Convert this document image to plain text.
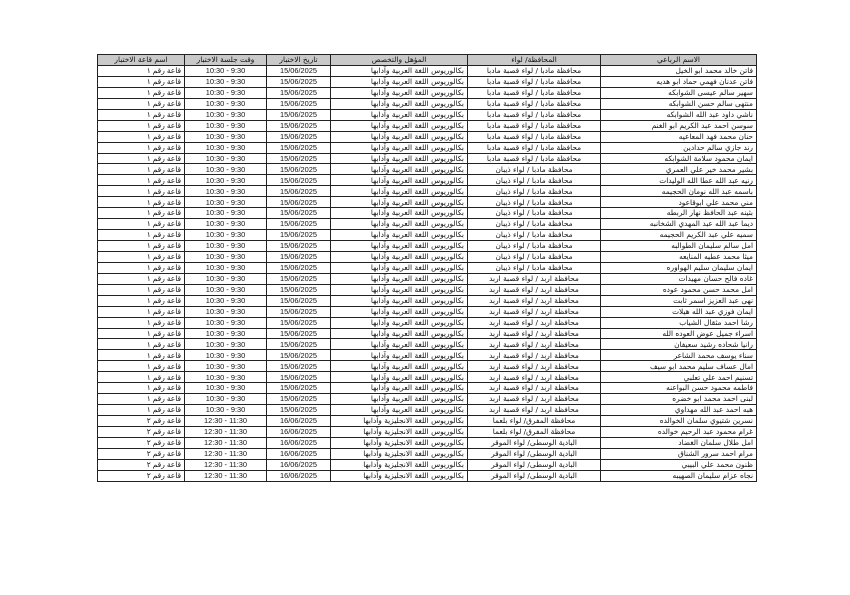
الاسم الرباعي	المحافظة/ لواء	المؤهل والتخصص	تاريخ الاختبار	وقت جلسة الاختبار	اسم قاعة الاختبار
فاتن خالد محمد ابو الخيل	محافظة مادبا / لواء قصبة مادبا	بكالوريوس اللغة العربية وآدابها	15/06/2025	9:30 - 10:30	قاعة رقم ١
فاتن عدنان فهمي حماد ابو هديه	محافظة مادبا / لواء قصبة مادبا	بكالوريوس اللغة العربية وآدابها	15/06/2025	9:30 - 10:30	قاعة رقم ١
سهير سالم عيسى الشوابكه	محافظة مادبا / لواء قصبة مادبا	بكالوريوس اللغة العربية وآدابها	15/06/2025	9:30 - 10:30	قاعة رقم ١
منتهى سالم حسن الشوابكه	محافظة مادبا / لواء قصبة مادبا	بكالوريوس اللغة العربية وآدابها	15/06/2025	9:30 - 10:30	قاعة رقم ١
ناشي داود عبد الله الشوابكه	محافظة مادبا / لواء قصبة مادبا	بكالوريوس اللغة العربية وآدابها	15/06/2025	9:30 - 10:30	قاعة رقم ١
سوسن احمد عبد الكريم ابو الغنم	محافظة مادبا / لواء قصبة مادبا	بكالوريوس اللغة العربية وآدابها	15/06/2025	9:30 - 10:30	قاعة رقم ١
حنان محمد فهد المعاعيه	محافظة مادبا / لواء قصبة مادبا	بكالوريوس اللغة العربية وآدابها	15/06/2025	9:30 - 10:30	قاعة رقم ١
رند جازي سالم حدادين	محافظة مادبا / لواء قصبة مادبا	بكالوريوس اللغة العربية وآدابها	15/06/2025	9:30 - 10:30	قاعة رقم ١
ايمان محمود سلامة الشوابكه	محافظة مادبا / لواء قصبة مادبا	بكالوريوس اللغة العربية وآدابها	15/06/2025	9:30 - 10:30	قاعة رقم ١
بشير محمد خير علي العمري	محافظة مادبا / لواء ذيبان	بكالوريوس اللغة العربية وآدابها	15/06/2025	9:30 - 10:30	قاعة رقم ١
رنيه عبد الله عطا الله الوليدات	محافظة مادبا / لواء ذيبان	بكالوريوس اللغة العربية وآدابها	15/06/2025	9:30 - 10:30	قاعة رقم ١
باسمه عبد الله نومان الحجيمه	محافظة مادبا / لواء ذيبان	بكالوريوس اللغة العربية وآدابها	15/06/2025	9:30 - 10:30	قاعة رقم ١
مني محمد علي ابوقاعود	محافظة مادبا / لواء ذيبان	بكالوريوس اللغة العربية وآدابها	15/06/2025	9:30 - 10:30	قاعة رقم ١
بثينه عبد الحافظ نهار الربطه	محافظة مادبا / لواء ذيبان	بكالوريوس اللغة العربية وآدابها	15/06/2025	9:30 - 10:30	قاعة رقم ١
ديما عبد الله عبد المهدي الشخانبه	محافظة مادبا / لواء ذيبان	بكالوريوس اللغة العربية وآدابها	15/06/2025	9:30 - 10:30	قاعة رقم ١
سميه علي عبد الكريم الحجيمه	محافظة مادبا / لواء ذيبان	بكالوريوس اللغة العربية وآدابها	15/06/2025	9:30 - 10:30	قاعة رقم ١
امل سالم سليمان الطوالبه	محافظة مادبا / لواء ذيبان	بكالوريوس اللغة العربية وآدابها	15/06/2025	9:30 - 10:30	قاعة رقم ١
ميثا محمد عطيه المنايعه	محافظة مادبا / لواء ذيبان	بكالوريوس اللغة العربية وآدابها	15/06/2025	9:30 - 10:30	قاعة رقم ١
ايمان سليمان سليم الهواوره	محافظة مادبا / لواء ذيبان	بكالوريوس اللغة العربية وآدابها	15/06/2025	9:30 - 10:30	قاعة رقم ١
غاده فالح حسان مهيدات	محافظة اربد / لواء قصبة اربد	بكالوريوس اللغة العربية وآدابها	15/06/2025	9:30 - 10:30	قاعة رقم ١
امل محمد حسن محمود عوده	محافظة اربد / لواء قصبة اربد	بكالوريوس اللغة العربية وآدابها	15/06/2025	9:30 - 10:30	قاعة رقم ١
نهى عبد العزيز اسمر ثابت	محافظة اربد / لواء قصبة اربد	بكالوريوس اللغة العربية وآدابها	15/06/2025	9:30 - 10:30	قاعة رقم ١
ايمان فوزي عبد الله هيلات	محافظة اربد / لواء قصبة اربد	بكالوريوس اللغة العربية وآدابها	15/06/2025	9:30 - 10:30	قاعة رقم ١
رشا احمد مثقال الشياب	محافظة اربد / لواء قصبة اربد	بكالوريوس اللغة العربية وآدابها	15/06/2025	9:30 - 10:30	قاعة رقم ١
اسراء جميل عوض العوده الله	محافظة اربد / لواء قصبة اربد	بكالوريوس اللغة العربية وآدابها	15/06/2025	9:30 - 10:30	قاعة رقم ١
رانيا شحاده رشيد سعيفان	محافظة اربد / لواء قصبة اربد	بكالوريوس اللغة العربية وآدابها	15/06/2025	9:30 - 10:30	قاعة رقم ١
سناء يوسف محمد الشاعر	محافظة اربد / لواء قصبة اربد	بكالوريوس اللغة العربية وآدابها	15/06/2025	9:30 - 10:30	قاعة رقم ١
امال عساف سليم محمد ابو سيف	محافظة اربد / لواء قصبة اربد	بكالوريوس اللغة العربية وآدابها	15/06/2025	9:30 - 10:30	قاعة رقم ١
تسنيم احمد علي تعلبي	محافظة اربد / لواء قصبة اربد	بكالوريوس اللغة العربية وآدابها	15/06/2025	9:30 - 10:30	قاعة رقم ١
فاطمه محمود حسن البواعنه	محافظة اربد / لواء قصبة اربد	بكالوريوس اللغة العربية وآدابها	15/06/2025	9:30 - 10:30	قاعة رقم ١
لبنى احمد محمد ابو خضره	محافظة اربد / لواء قصبة اربد	بكالوريوس اللغة العربية وآدابها	15/06/2025	9:30 - 10:30	قاعة رقم ١
هبه احمد عبد الله مهداوي	محافظة اربد / لواء قصبة اربد	بكالوريوس اللغة العربية وآدابها	15/06/2025	9:30 - 10:30	قاعة رقم ١
نسرين شتيوي سلمان الخوالده	محافظة المفرق/ لواء بلعما	بكالوريوس اللغة الانجليزية وآدابها	16/06/2025	11:30 - 12:30	قاعة رقم ٢
غرام محمود عبد الرحيم خوالده	محافظة المفرق/ لواء بلعما	بكالوريوس اللغة الانجليزية وآدابها	16/06/2025	11:30 - 12:30	قاعة رقم ٢
امل طلال سلمان الغضاد	البادية الوسطى/ لواء الموقر	بكالوريوس اللغة الانجليزية وآدابها	16/06/2025	11:30 - 12:30	قاعة رقم ٢
مرام احمد سرور الشناق	البادية الوسطى/ لواء الموقر	بكالوريوس اللغة الانجليزية وآدابها	16/06/2025	11:30 - 12:30	قاعة رقم ٢
ظنون محمد علي البيبي	البادية الوسطى/ لواء الموقر	بكالوريوس اللغة الانجليزية وآدابها	16/06/2025	11:30 - 12:30	قاعة رقم ٢
نجاه عزام سليمان الصهيبه	البادية الوسطى/ لواء الموقر	بكالوريوس اللغة الانجليزية وآدابها	16/06/2025	11:30 - 12:30	قاعة رقم ٢
